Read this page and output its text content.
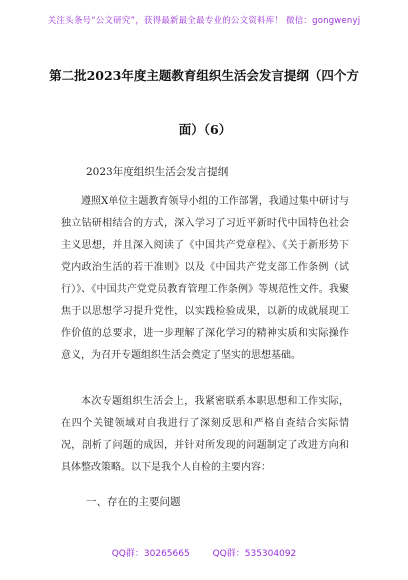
关注头条号“公文研究”，获得最新最全最专业的公文资料库！ 微信：gongwenyj
第二批2023年度主题教育组织生活会发言提纲（四个方
面）（6）
2023年度组织生活会发言提纲

遵照X单位主题教育领导小组的工作部署，我通过集中研讨与独立钻研相结合的方式，深入学习了习近平新时代中国特色社会主义思想，并且深入阅读了《中国共产党章程》、《关于新形势下党内政治生活的若干准则》以及《中国共产党支部工作条例（试行）》、《中国共产党党员教育管理工作条例》等规范性文件。我聚焦于以思想学习提升党性，以实践检验成果，以新的成就展现工作价值的总要求，进一步理解了深化学习的精神实质和实际操作意义，为召开专题组织生活会奠定了坚实的思想基础。

本次专题组织生活会上，我紧密联系本职思想和工作实际，在四个关键领域对自我进行了深刻反思和严格自查结合实际情况，剖析了问题的成因，并针对所发现的问题制定了改进方向和具体整改策略。以下是我个人自检的主要内容：

一、存在的主要问题
QQ群：30265665	QQ群：535304092
